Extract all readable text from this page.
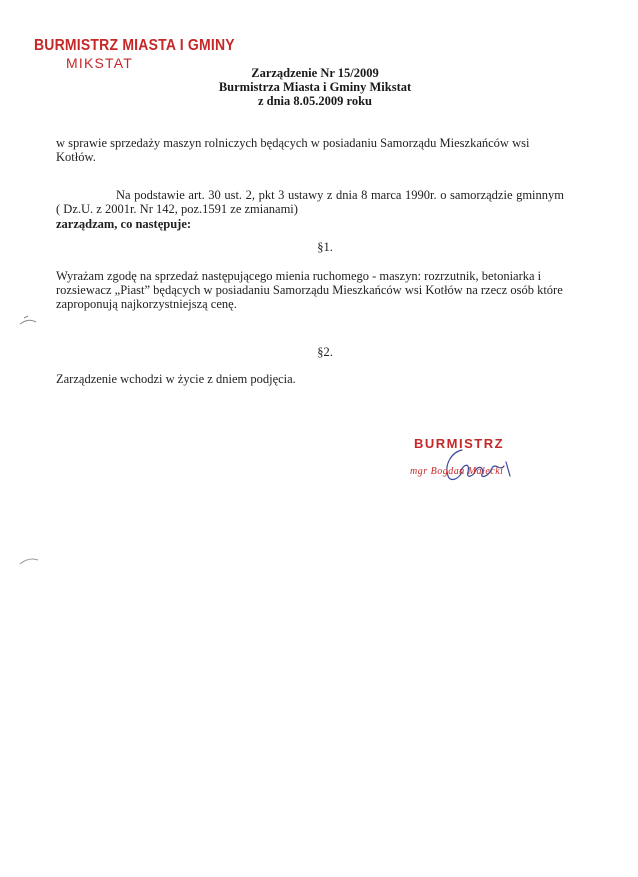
BURMISTRZ MIASTA I GMINY
MIKSTAT
Zarządzenie Nr 15/2009
Burmistrza Miasta i Gminy Mikstat
z dnia 8.05.2009 roku
w sprawie sprzedaży maszyn rolniczych będących w posiadaniu Samorządu Mieszkańców wsi Kotłów.
Na podstawie art. 30 ust. 2, pkt 3 ustawy z dnia 8 marca 1990r. o samorządzie gminnym ( Dz.U. z 2001r. Nr 142, poz.1591 ze zmianami)
zarządzam, co następuje:
§1.
Wyrażam zgodę na sprzedaż następującego mienia ruchomego - maszyn: rozrzutnik, betoniarka i rozsiewacz „Piast” będących w posiadaniu Samorządu Mieszkańców wsi Kotłów na rzecz osób które zaproponują najkorzystniejszą cenę.
§2.
Zarządzenie wchodzi w życie z dniem podjęcia.
BURMISTRZ
mgr Bogdan Małecki
